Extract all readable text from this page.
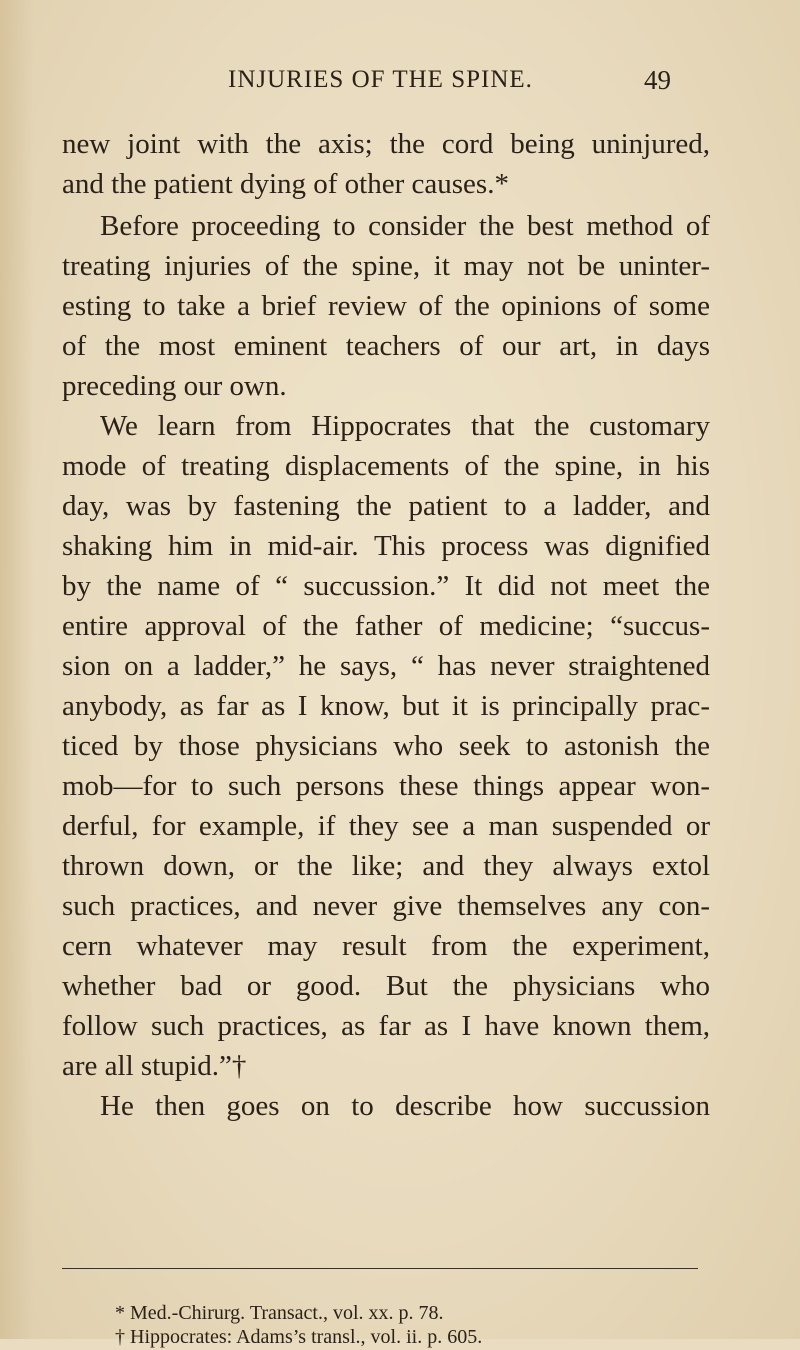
INJURIES OF THE SPINE.	49
new joint with the axis; the cord being uninjured,
and the patient dying of other causes.*
Before proceeding to consider the best method of
treating injuries of the spine, it may not be uninter-
esting to take a brief review of the opinions of some
of the most eminent teachers of our art, in days
preceding our own.
We learn from Hippocrates that the customary
mode of treating displacements of the spine, in his
day, was by fastening the patient to a ladder, and
shaking him in mid-air. This process was dignified
by the name of “ succussion.” It did not meet the
entire approval of the father of medicine; “succus-
sion on a ladder,” he says, “ has never straightened
anybody, as far as I know, but it is principally prac-
ticed by those physicians who seek to astonish the
mob—for to such persons these things appear won-
derful, for example, if they see a man suspended or
thrown down, or the like; and they always extol
such practices, and never give themselves any con-
cern whatever may result from the experiment,
whether bad or good. But the physicians who
follow such practices, as far as I have known them,
are all stupid.”†
He then goes on to describe how succussion
* Med.-Chirurg. Transact., vol. xx. p. 78.
† Hippocrates: Adams’s transl., vol. ii. p. 605.
